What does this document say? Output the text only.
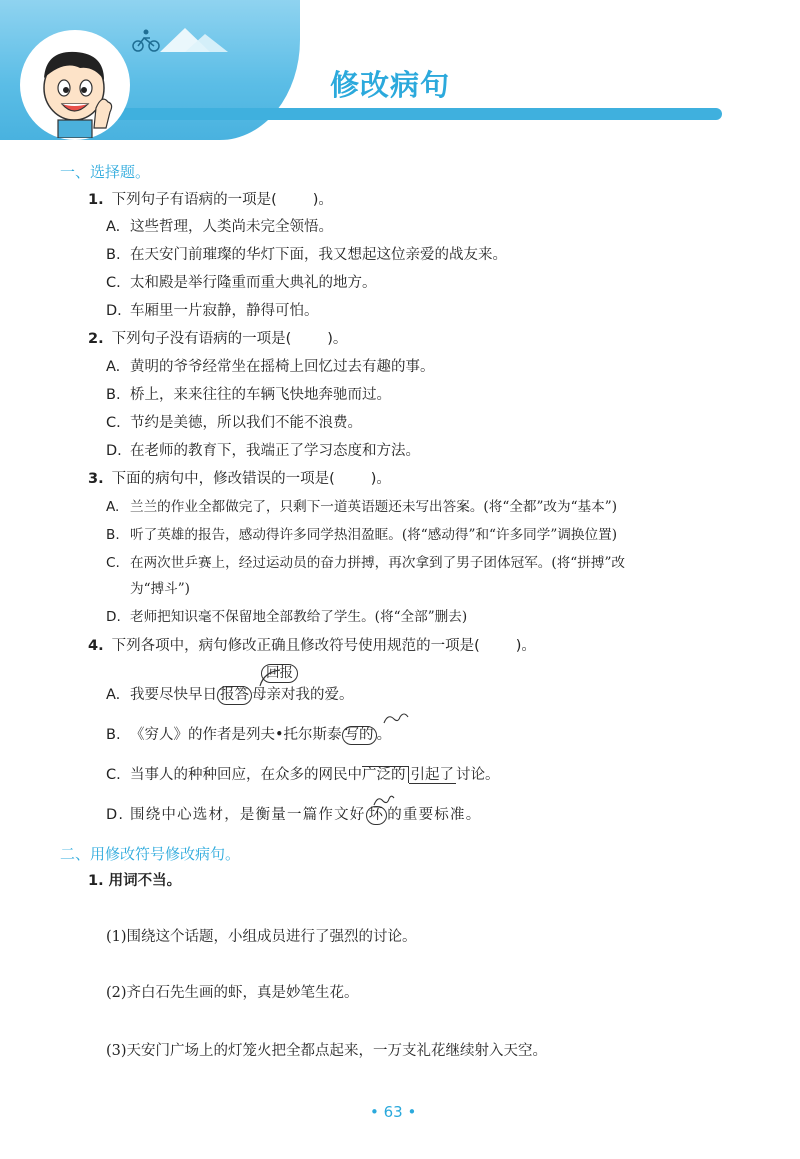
修改病句
一、选择题。
1. 下列句子有语病的一项是( )。
A. 这些哲理，人类尚未完全领悟。
B. 在天安门前璀璨的华灯下面，我又想起这位亲爱的战友来。
C. 太和殿是举行隆重而重大典礼的地方。
D. 车厢里一片寂静，静得可怕。
2. 下列句子没有语病的一项是( )。
A. 黄明的爷爷经常坐在摇椅上回忆过去有趣的事。
B. 桥上，来来往往的车辆飞快地奔驰而过。
C. 节约是美德，所以我们不能不浪费。
D. 在老师的教育下，我端正了学习态度和方法。
3. 下面的病句中，修改错误的一项是( )。
A. 兰兰的作业全都做完了，只剩下一道英语题还未写出答案。(将“全都”改为“基本”)
B. 听了英雄的报告，感动得许多同学热泪盈眶。(将“感动得”和“许多同学”调换位置)
C. 在两次世乒赛上，经过运动员的奋力拼搏，再次拿到了男子团体冠军。(将“拼搏”改
为“搏斗”)
D. 老师把知识毫不保留地全部教给了学生。(将“全部”删去)
4. 下列各项中，病句修改正确且修改符号使用规范的一项是( )。
A. 我要尽快早日 报答
回报
母亲对我的爱。
B. 《穷人》的作者是列夫•托尔斯泰 写的 。
C. 当事人的种种回应，在众多的网民中广泛的 引起了 讨论。
D. 围绕中心选材，是衡量一篇作文好 坏 的重要标准。
二、用修改符号修改病句。
1. 用词不当。
(1)围绕这个话题，小组成员进行了强烈的讨论。
(2)齐白石先生画的虾，真是妙笔生花。
(3)天安门广场上的灯笼火把全都点起来，一万支礼花继续射入天空。
• 63 •
